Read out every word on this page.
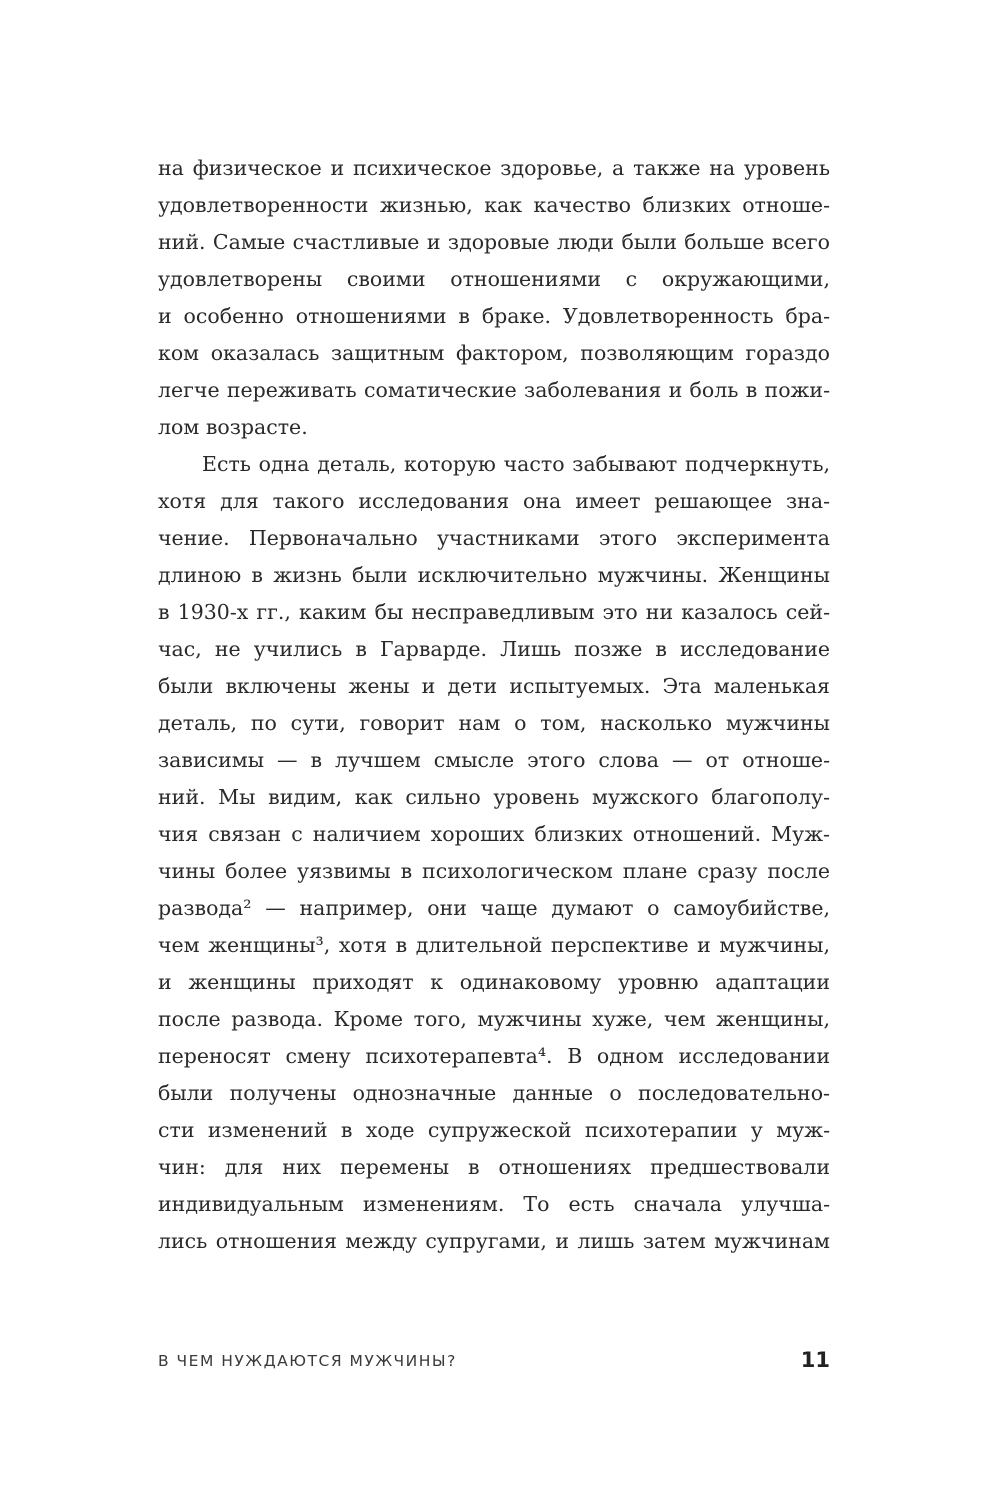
на физическое и психическое здоровье, а также на уровень
удовлетворенности жизнью, как качество близких отноше-
ний. Самые счастливые и здоровые люди были больше всего
удовлетворены своими отношениями с окружающими,
и особенно отношениями в браке. Удовлетворенность бра-
ком оказалась защитным фактором, позволяющим гораздо
легче переживать соматические заболевания и боль в пожи-
лом возрасте.
Есть одна деталь, которую часто забывают подчеркнуть,
хотя для такого исследования она имеет решающее зна-
чение. Первоначально участниками этого эксперимента
длиною в жизнь были исключительно мужчины. Женщины
в 1930-х гг., каким бы несправедливым это ни казалось сей-
час, не учились в Гарварде. Лишь позже в исследование
были включены жены и дети испытуемых. Эта маленькая
деталь, по сути, говорит нам о том, насколько мужчины
зависимы — в лучшем смысле этого слова — от отноше-
ний. Мы видим, как сильно уровень мужского благополу-
чия связан с наличием хороших близких отношений. Муж-
чины более уязвимы в психологическом плане сразу после
развода² — например, они чаще думают о самоубийстве,
чем женщины³, хотя в длительной перспективе и мужчины,
и женщины приходят к одинаковому уровню адаптации
после развода. Кроме того, мужчины хуже, чем женщины,
переносят смену психотерапевта⁴. В одном исследовании
были получены однозначные данные о последовательно-
сти изменений в ходе супружеской психотерапии у муж-
чин: для них перемены в отношениях предшествовали
индивидуальным изменениям. То есть сначала улучша-
лись отношения между супругами, и лишь затем мужчинам
В ЧЕМ НУЖДАЮТСЯ МУЖЧИНЫ?	11
